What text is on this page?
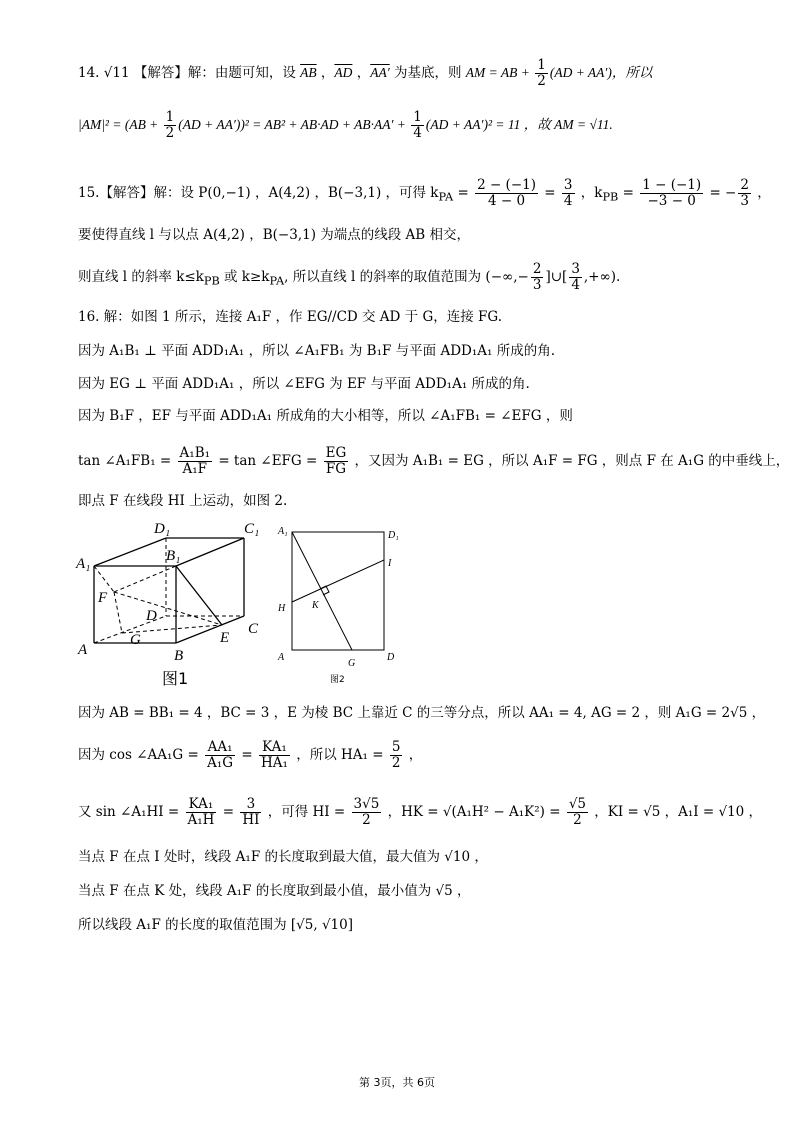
14. √11 【解答】解：由题可知，设 $\overline{AB}$ ，$\overline{AD}$ ，AA′ 为基底，则 AM = AB + $\frac{1}{2} (AD + AA')$，所以
$|AM|^2 = (AB + \frac{1}{2} (AD + AA'))^2 = AB^2 + AB\cdot AD + AB\cdot AA' + \frac{1}{4} (AD + AA')^2 = 11$ ，故 AM = √11.
15.【解答】解：设 P(0,−1) ，A(4,2) ，B(−3,1) ，可得 $k_{PA} = \frac{2 - (-1)}{4 - 0} = \frac{3}{4}$ ，$k_{PB} = \frac{1 - (-1)}{-3 - 0}$ = − $\frac{2}{3}$ ，
要使得直线 l 与以点 A(4,2) ，B(−3,1) 为端点的线段 AB 相交，
则直线 l 的斜率 $k\le k_{PB}$ 或 $k\ge k_{PA}$, 所以直线 l 的斜率的取值范围为 (−∞,− $\frac{2}{3}$ ]∪[ $\frac{3}{4}$ ,+∞).
16. 解：如图 1 所示，连接 A₁F ，作 EG//CD 交 AD 于 G，连接 FG.
因为 A₁B₁ ⊥ 平面 ADD₁A₁ ，所以 ∠A₁FB₁ 为 B₁F 与平面 ADD₁A₁ 所成的角.
因为 EG ⊥ 平面 ADD₁A₁ ，所以 ∠EFG 为 EF 与平面 ADD₁A₁ 所成的角.
因为 B₁F ，EF 与平面 ADD₁A₁ 所成角的大小相等，所以 ∠A₁FB₁ = ∠EFG ，则
tan ∠A₁FB₁ = $\frac{\text{A₁B₁}}{\text{A₁F}} = \tan$ ∠EFG = $\frac{EG}{FG}$ ，又因为 A₁B₁ = EG ，所以 A₁F = FG ，则点 F 在 A₁G 的中垂线上，
即点 F 在线段 HI 上运动，如图 2.
D₁	C₁
A₁	B₁
F
D
C
G	E
A	B
图1
A₁	D₁
I
H	K
A	D
G
图2
因为 AB = BB₁ = 4 ，BC = 3 ，E 为棱 BC 上靠近 C 的三等分点，所以 AA₁ = 4, AG = 2 ，则 A₁G = 2√5 ，
因为 cos ∠AA₁G = $\frac{\text{AA₁}}{\text{A₁G}} = \frac{\text{KA₁}}{\text{HA₁}}$ ，所以 $HA_1 = \frac{5}{2}$ ，
又 sin ∠A₁HI = $\frac{\text{KA₁}}{\text{A₁H}} = \frac{3}{HI}$ ，可得 HI = $\frac{3√5}{2}$ ，HK = $√(A_1H^2 - A_1K^2) = \frac{√5}{2}$ ，KI = √5 ，A₁I = √10 ，
当点 F 在点 I 处时，线段 A₁F 的长度取到最大值，最大值为 √10 ，
当点 F 在点 K 处，线段 A₁F 的长度取到最小值，最小值为 √5 ，
所以线段 A₁F 的长度的取值范围为 [√5, √10]
第 3页，共 6页
